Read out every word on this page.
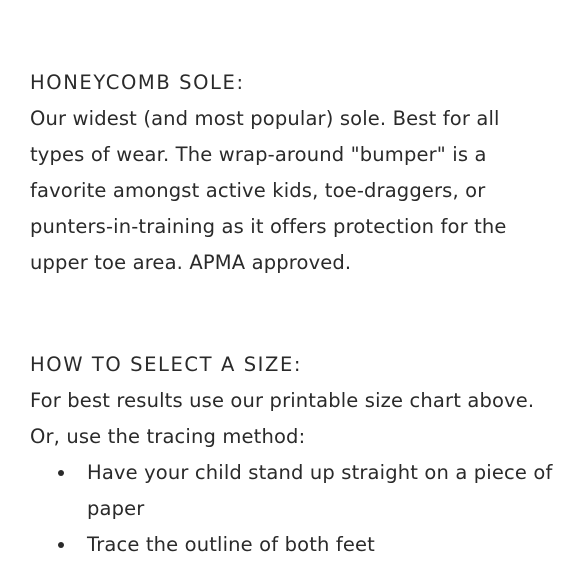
HONEYCOMB SOLE:

Our widest (and most popular) sole. Best for all types of wear. The wrap-around "bumper" is a favorite amongst active kids, toe-draggers, or punters-in-training as it offers protection for the upper toe area. APMA approved.

HOW TO SELECT A SIZE:

For best results use our printable size chart above.

Or, use the tracing method:

Have your child stand up straight on a piece of paper
Trace the outline of both feet
